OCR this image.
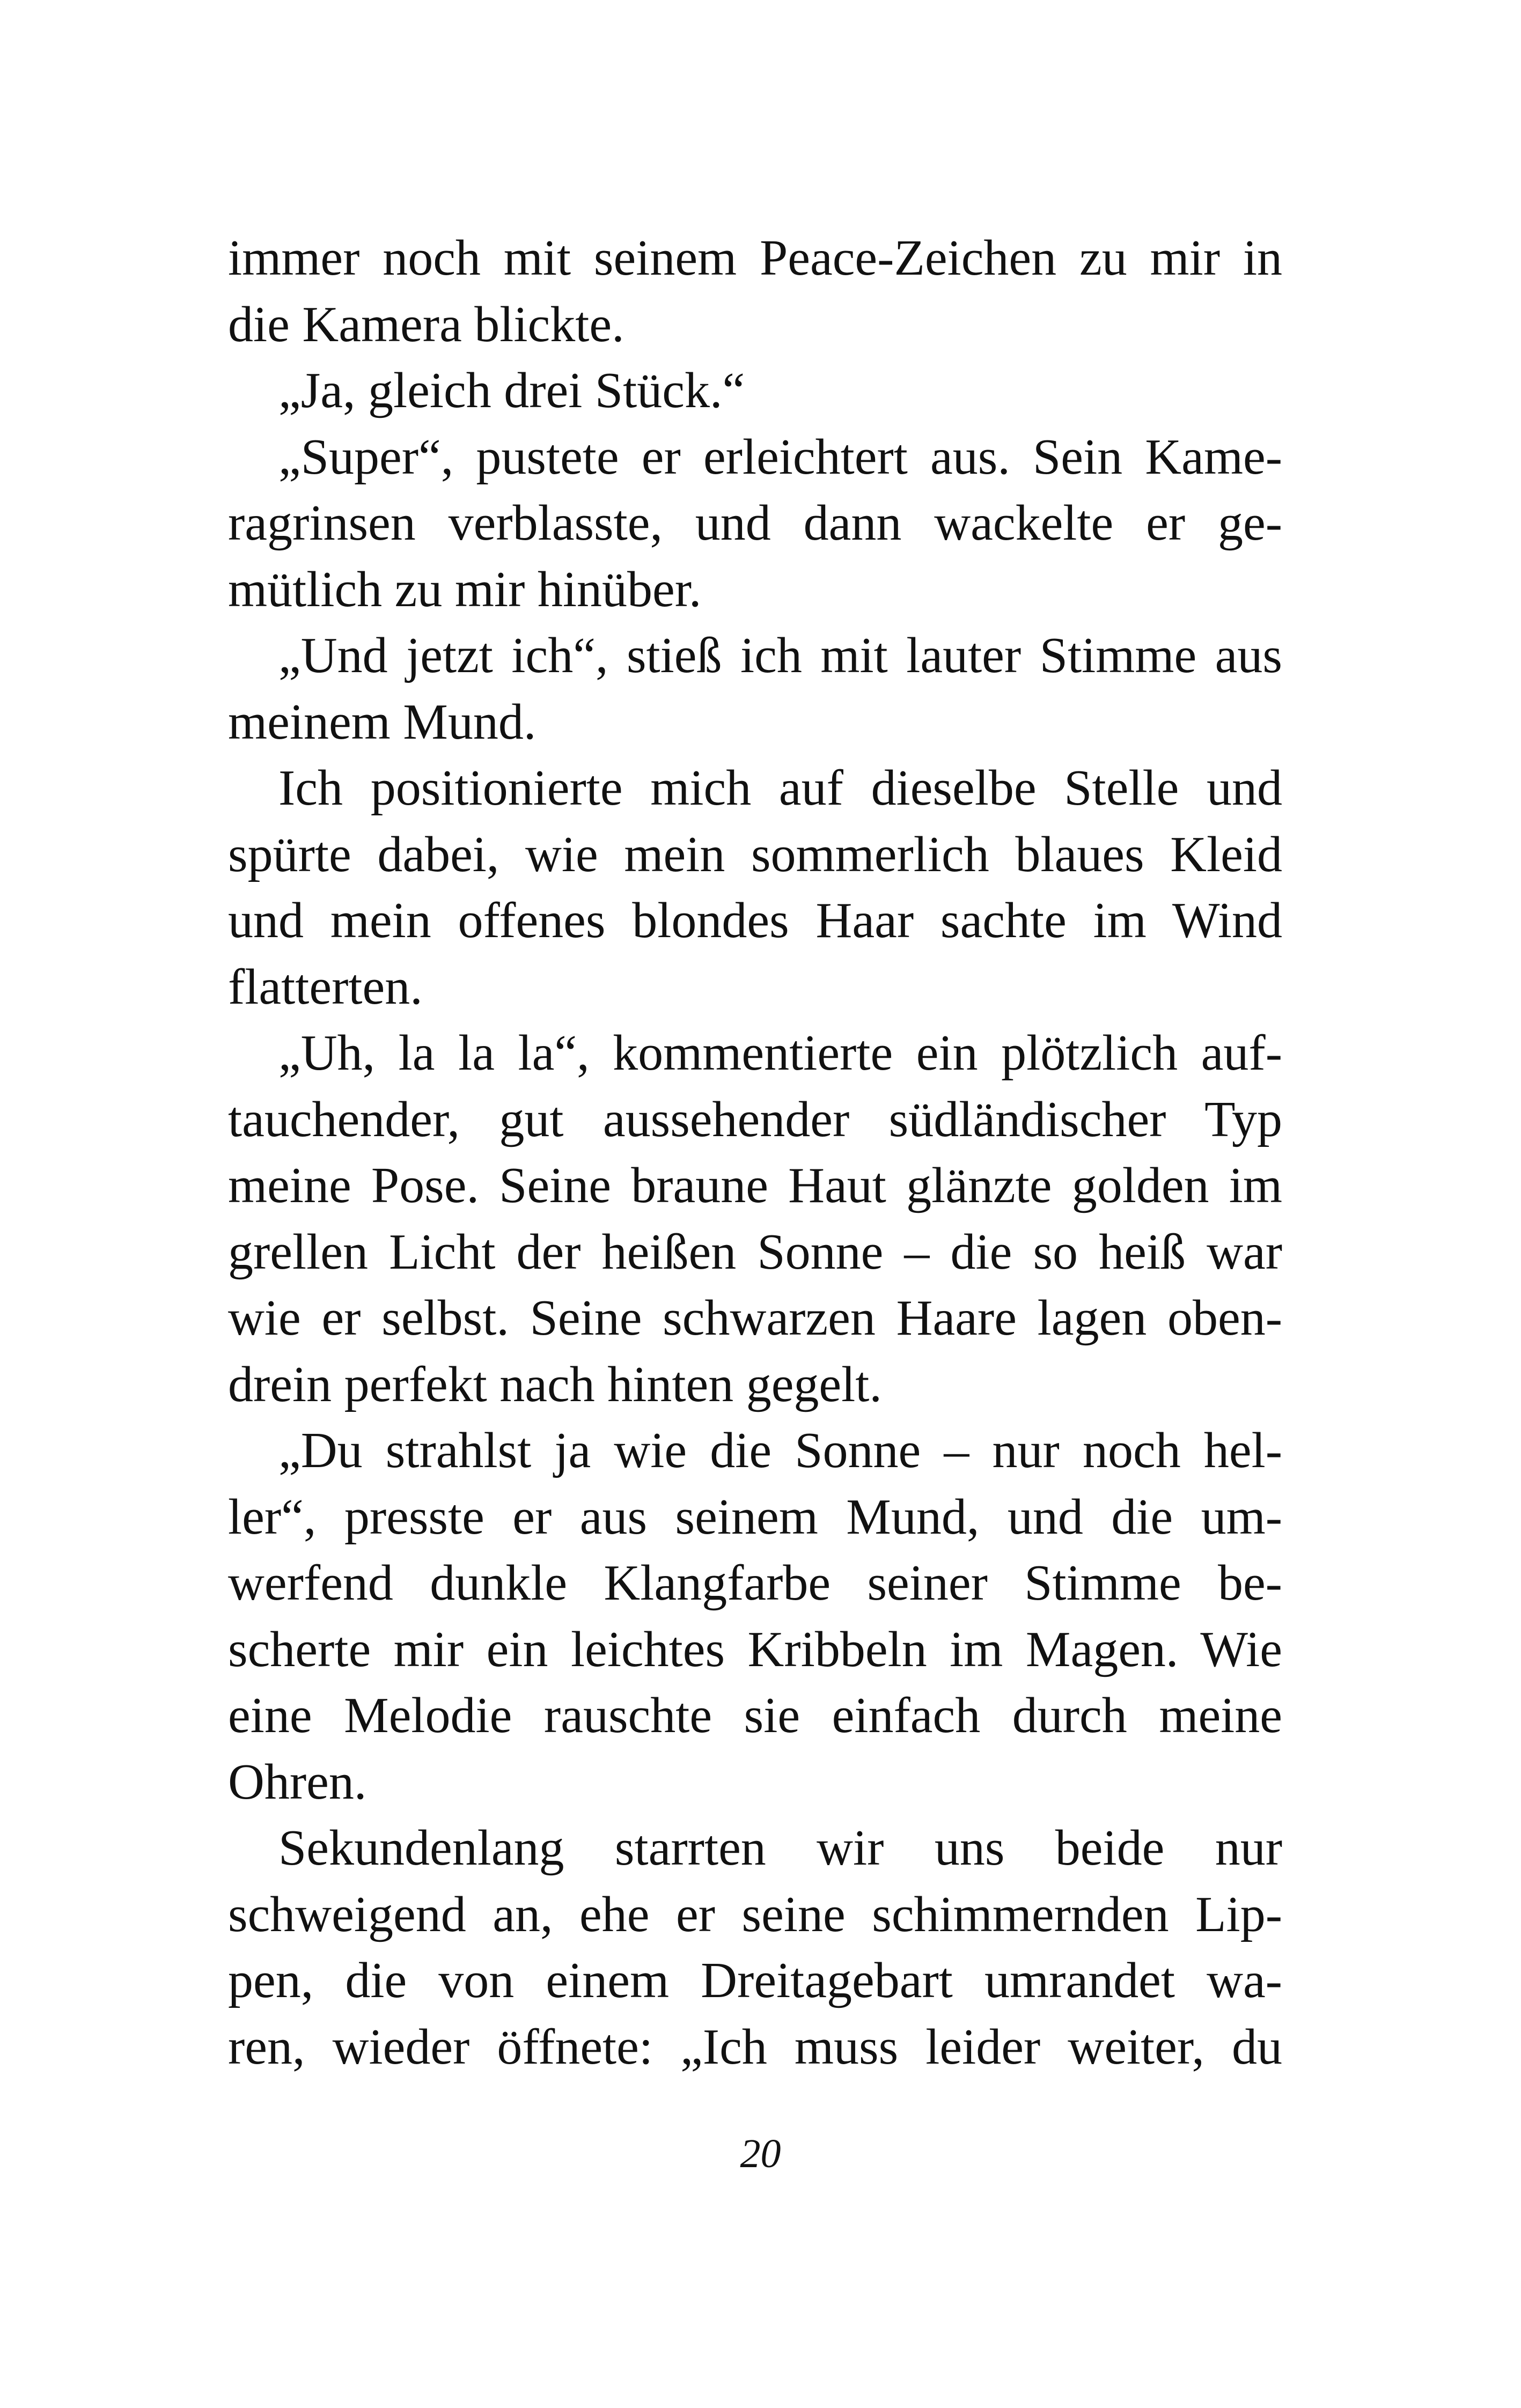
immer noch mit seinem Peace-Zeichen zu mir in
die Kamera blickte.
„Ja, gleich drei Stück.“
„Super“, pustete er erleichtert aus. Sein Kame-
ragrinsen verblasste, und dann wackelte er ge-
mütlich zu mir hinüber.
„Und jetzt ich“, stieß ich mit lauter Stimme aus
meinem Mund.
Ich positionierte mich auf dieselbe Stelle und
spürte dabei, wie mein sommerlich blaues Kleid
und mein offenes blondes Haar sachte im Wind
flatterten.
„Uh, la la la“, kommentierte ein plötzlich auf-
tauchender, gut aussehender südländischer Typ
meine Pose. Seine braune Haut glänzte golden im
grellen Licht der heißen Sonne – die so heiß war
wie er selbst. Seine schwarzen Haare lagen oben-
drein perfekt nach hinten gegelt.
„Du strahlst ja wie die Sonne – nur noch hel-
ler“, presste er aus seinem Mund, und die um-
werfend dunkle Klangfarbe seiner Stimme be-
scherte mir ein leichtes Kribbeln im Magen. Wie
eine Melodie rauschte sie einfach durch meine
Ohren.
Sekundenlang starrten wir uns beide nur
schweigend an, ehe er seine schimmernden Lip-
pen, die von einem Dreitagebart umrandet wa-
ren, wieder öffnete: „Ich muss leider weiter, du
20
